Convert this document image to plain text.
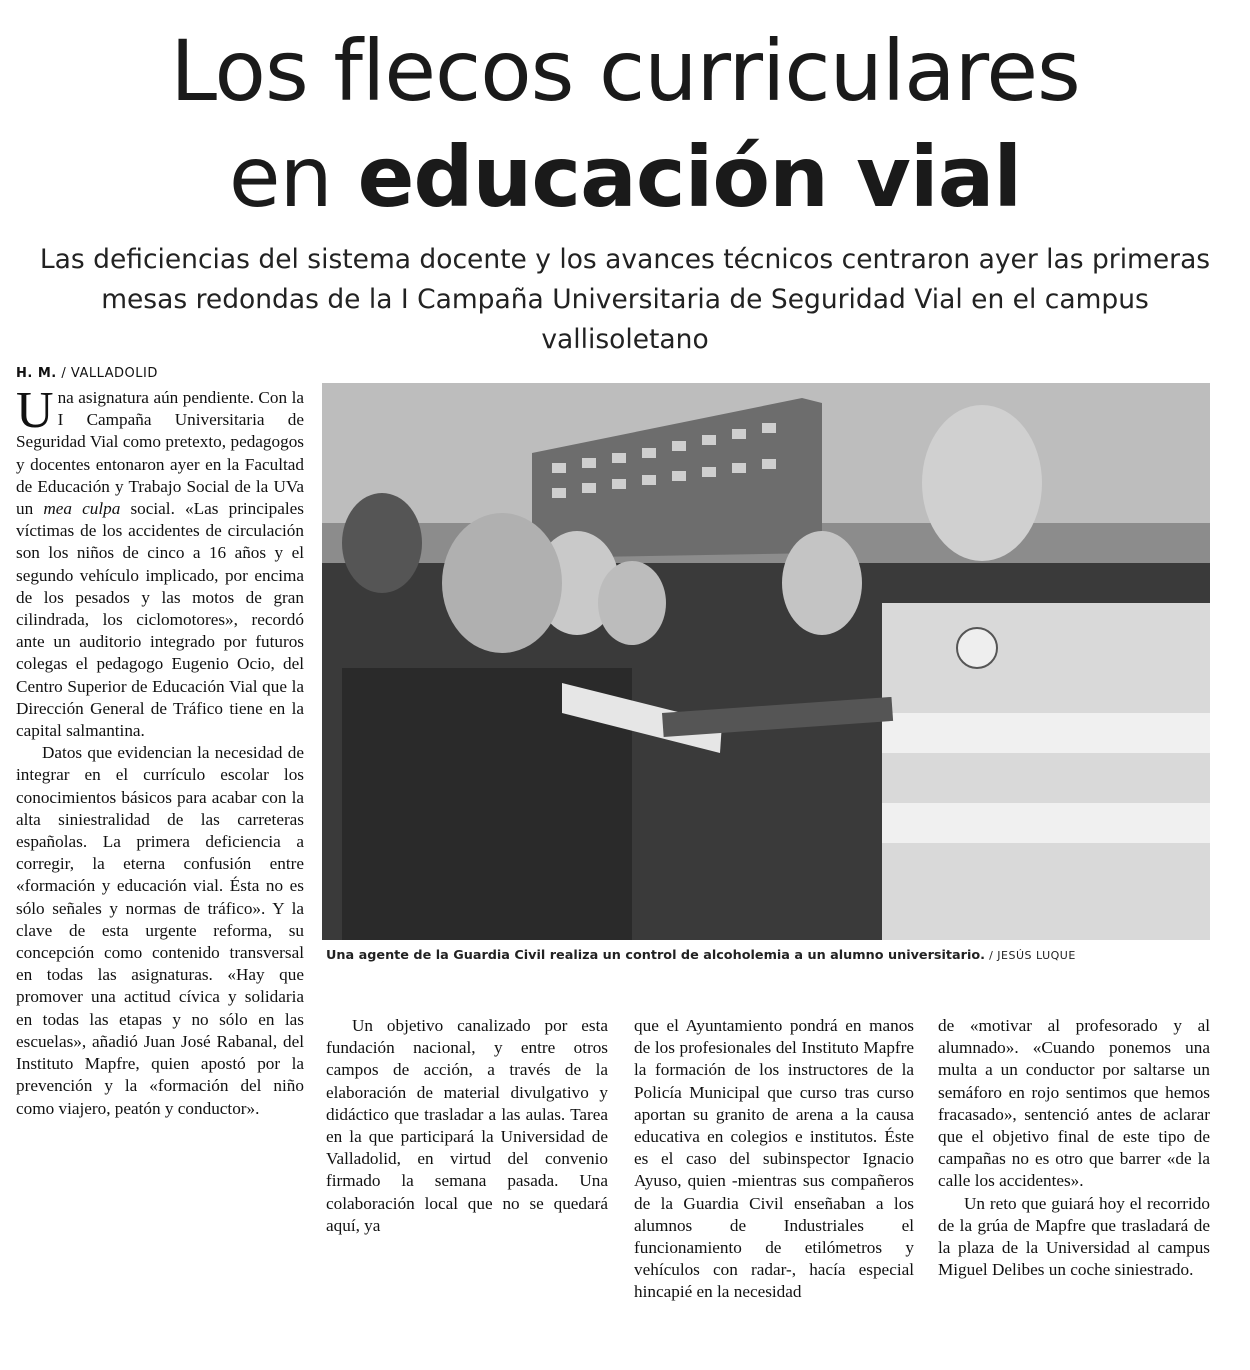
Los flecos curriculares
en educación vial
Las deficiencias del sistema docente y los avances técnicos centraron ayer las primeras
mesas redondas de la I Campaña Universitaria de Seguridad Vial en el campus vallisoletano
H. M. / VALLADOLID

Una asignatura aún pendiente. Con la I Campaña Universitaria de Seguridad Vial como pretexto, pedagogos y docentes entonaron ayer en la Facultad de Educación y Trabajo Social de la UVa un mea culpa social. «Las principales víctimas de los accidentes de circulación son los niños de cinco a 16 años y el segundo vehículo implicado, por encima de los pesados y las motos de gran cilindrada, los ciclomotores», recordó ante un auditorio integrado por futuros colegas el pedagogo Eugenio Ocio, del Centro Superior de Educación Vial que la Dirección General de Tráfico tiene en la capital salmantina.

Datos que evidencian la necesidad de integrar en el currículo escolar los conocimientos básicos para acabar con la alta siniestralidad de las carreteras españolas. La primera deficiencia a corregir, la eterna confusión entre «formación y educación vial. Ésta no es sólo señales y normas de tráfico». Y la clave de esta urgente reforma, su concepción como contenido transversal en todas las asignaturas. «Hay que promover una actitud cívica y solidaria en todas las etapas y no sólo en las escuelas», añadió Juan José Rabanal, del Instituto Mapfre, quien apostó por la prevención y la «formación del niño como viajero, peatón y conductor».

Una agente de la Guardia Civil realiza un control de alcoholemia a un alumno universitario. / JESÚS LUQUE

Un objetivo canalizado por esta fundación nacional, y entre otros campos de acción, a través de la elaboración de material divulgativo y didáctico que trasladar a las aulas. Tarea en la que participará la Universidad de Valladolid, en virtud del convenio firmado la semana pasada. Una colaboración local que no se quedará aquí, ya

que el Ayuntamiento pondrá en manos de los profesionales del Instituto Mapfre la formación de los instructores de la Policía Municipal que curso tras curso aportan su granito de arena a la causa educativa en colegios e institutos. Éste es el caso del subinspector Ignacio Ayuso, quien -mientras sus compañeros de la Guardia Civil enseñaban a los alumnos de Industriales el funcionamiento de etilómetros y vehículos con radar-, hacía especial hincapié en la necesidad

de «motivar al profesorado y al alumnado». «Cuando ponemos una multa a un conductor por saltarse un semáforo en rojo sentimos que hemos fracasado», sentenció antes de aclarar que el objetivo final de este tipo de campañas no es otro que barrer «de la calle los accidentes».

Un reto que guiará hoy el recorrido de la grúa de Mapfre que trasladará de la plaza de la Universidad al campus Miguel Delibes un coche siniestrado.
